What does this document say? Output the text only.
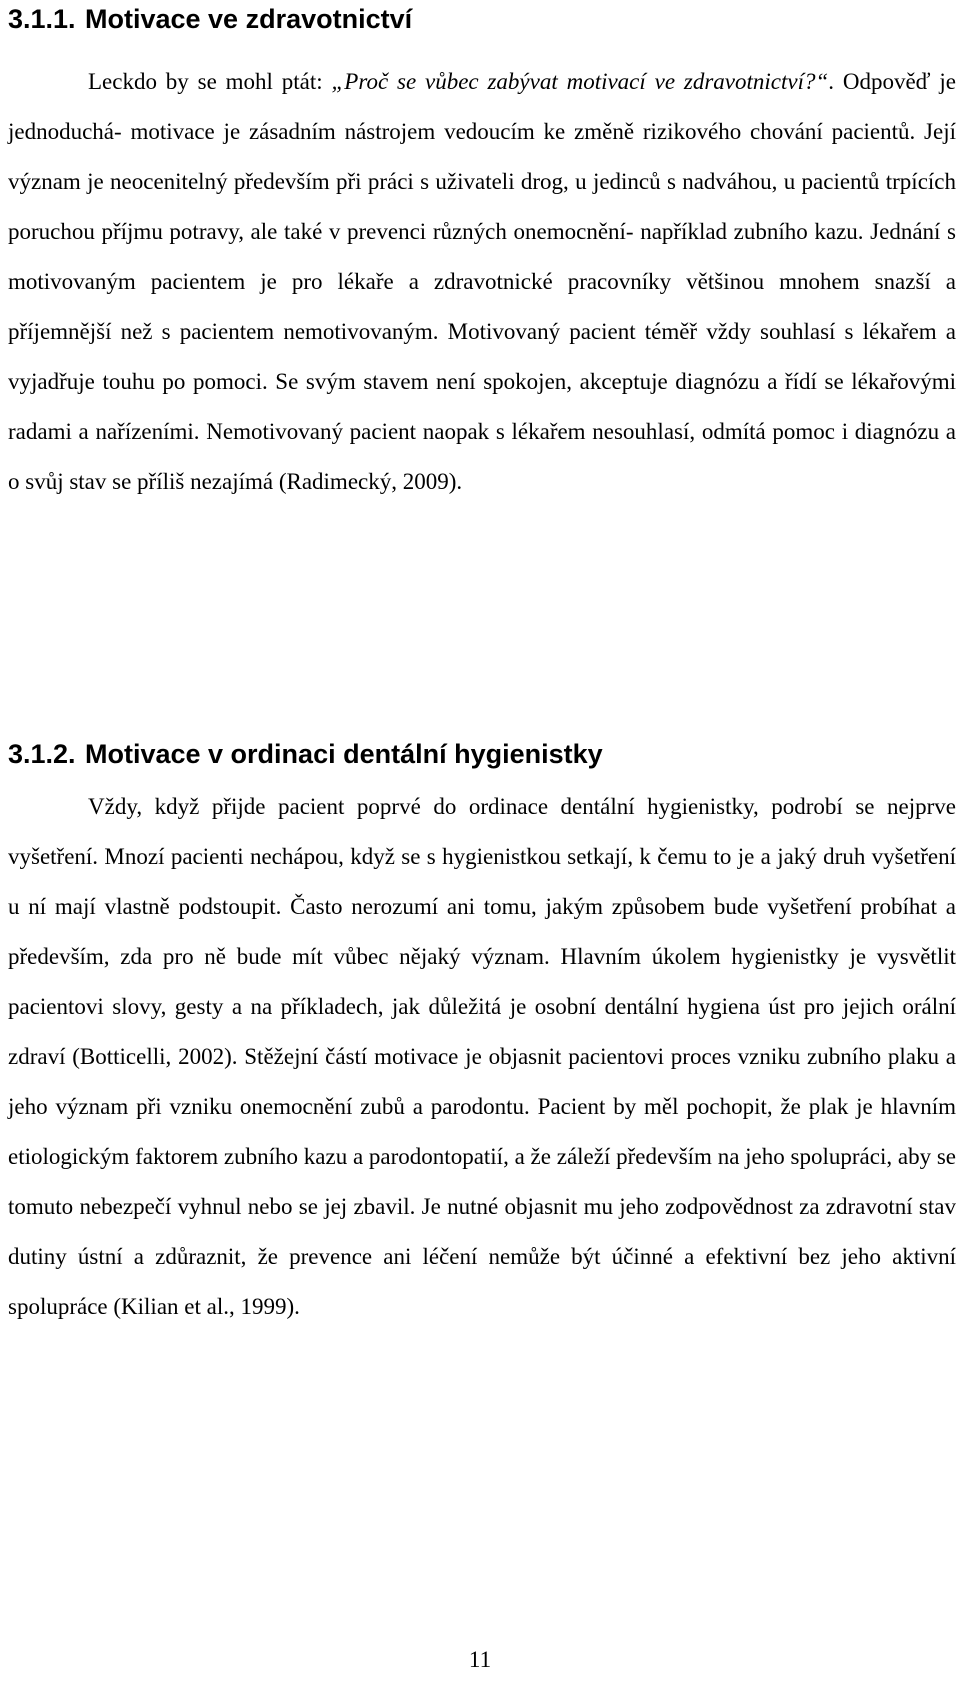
3.1.1. Motivace ve zdravotnictví

Leckdo by se mohl ptát: „Proč se vůbec zabývat motivací ve zdravotnictví?“. Odpověď je jednoduchá- motivace je zásadním nástrojem vedoucím ke změně rizikového chování pacientů. Její význam je neocenitelný především při práci s uživateli drog, u jedinců s nadváhou, u pacientů trpících poruchou příjmu potravy, ale také v prevenci různých onemocnění- například zubního kazu. Jednání s motivovaným pacientem je pro lékaře a zdravotnické pracovníky většinou mnohem snazší a příjemnější než s pacientem nemotivovaným. Motivovaný pacient téměř vždy souhlasí s lékařem a vyjadřuje touhu po pomoci. Se svým stavem není spokojen, akceptuje diagnózu a řídí se lékařovými radami a nařízeními. Nemotivovaný pacient naopak s lékařem nesouhlasí, odmítá pomoc i diagnózu a o svůj stav se příliš nezajímá (Radimecký, 2009).

3.1.2. Motivace v ordinaci dentální hygienistky

Vždy, když přijde pacient poprvé do ordinace dentální hygienistky, podrobí se nejprve vyšetření. Mnozí pacienti nechápou, když se s hygienistkou setkají, k čemu to je a jaký druh vyšetření u ní mají vlastně podstoupit. Často nerozumí ani tomu, jakým způsobem bude vyšetření probíhat a především, zda pro ně bude mít vůbec nějaký význam. Hlavním úkolem hygienistky je vysvětlit pacientovi slovy, gesty a na příkladech, jak důležitá je osobní dentální hygiena úst pro jejich orální zdraví (Botticelli, 2002). Stěžejní částí motivace je objasnit pacientovi proces vzniku zubního plaku a jeho význam při vzniku onemocnění zubů a parodontu. Pacient by měl pochopit, že plak je hlavním etiologickým faktorem zubního kazu a parodontopatií, a že záleží především na jeho spolupráci, aby se tomuto nebezpečí vyhnul nebo se jej zbavil. Je nutné objasnit mu jeho zodpovědnost za zdravotní stav dutiny ústní a zdůraznit, že prevence ani léčení nemůže být účinné a efektivní bez jeho aktivní spolupráce (Kilian et al., 1999).

11
